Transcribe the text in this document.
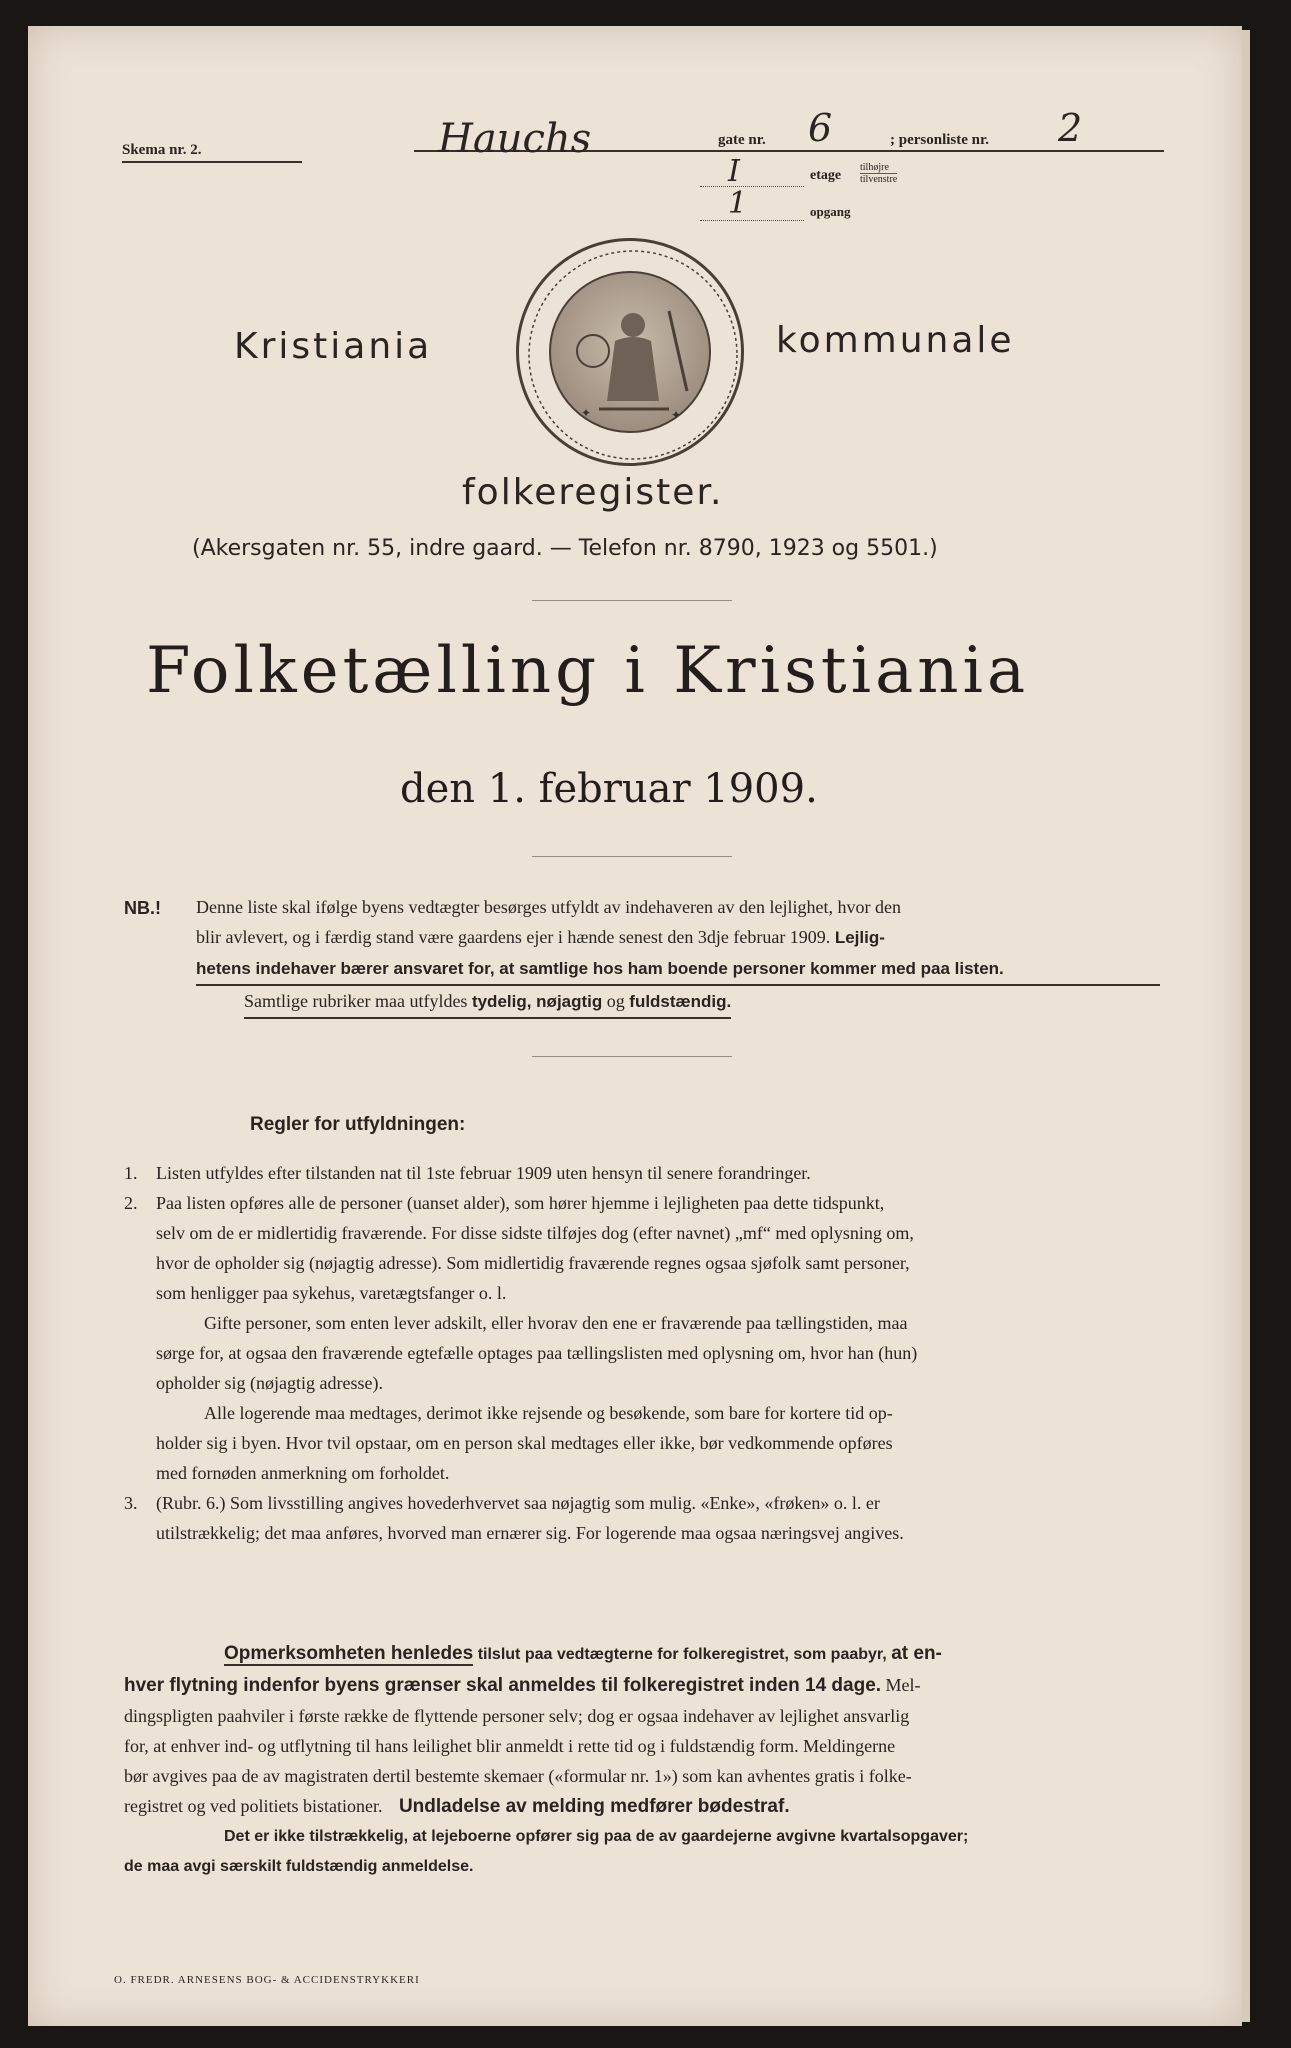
Skema nr. 2.	Hauchs	gate nr. 6	; personliste nr. 2
I	etage
tilhøjre
tilvenstre
1	opgang
Kristiania	kommunale
✦	✦
folkeregister.
(Akersgaten nr. 55, indre gaard. — Telefon nr. 8790, 1923 og 5501.)
Folketælling i Kristiania
den 1. februar 1909.
NB.! Denne liste skal ifølge byens vedtægter besørges utfyldt av indehaveren av den lejlighet, hvor den
blir avlevert, og i færdig stand være gaardens ejer i hænde senest den 3dje februar 1909. Lejlig-
hetens indehaver bærer ansvaret for, at samtlige hos ham boende personer kommer med paa listen.
Samtlige rubriker maa utfyldes tydelig, nøjagtig og fuldstændig.
Regler for utfyldningen:
1. Listen utfyldes efter tilstanden nat til 1ste februar 1909 uten hensyn til senere forandringer.
2. Paa listen opføres alle de personer (uanset alder), som hører hjemme i lejligheten paa dette tidspunkt,
selv om de er midlertidig fraværende. For disse sidste tilføjes dog (efter navnet) „mf“ med oplysning om,
hvor de opholder sig (nøjagtig adresse). Som midlertidig fraværende regnes ogsaa sjøfolk samt personer,
som henligger paa sykehus, varetægtsfanger o. l.
Gifte personer, som enten lever adskilt, eller hvorav den ene er fraværende paa tællingstiden, maa
sørge for, at ogsaa den fraværende egtefælle optages paa tællingslisten med oplysning om, hvor han (hun)
opholder sig (nøjagtig adresse).
Alle logerende maa medtages, derimot ikke rejsende og besøkende, som bare for kortere tid op-
holder sig i byen. Hvor tvil opstaar, om en person skal medtages eller ikke, bør vedkommende opføres
med fornøden anmerkning om forholdet.
3. (Rubr. 6.) Som livsstilling angives hovederhvervet saa nøjagtig som mulig. «Enke», «frøken» o. l. er
utilstrækkelig; det maa anføres, hvorved man ernærer sig. For logerende maa ogsaa næringsvej angives.
Opmerksomheten henledes tilslut paa vedtægterne for folkeregistret, som paabyr, at en-
hver flytning indenfor byens grænser skal anmeldes til folkeregistret inden 14 dage. Mel-
dingspligten paahviler i første række de flyttende personer selv; dog er ogsaa indehaver av lejlighet ansvarlig
for, at enhver ind- og utflytning til hans leilighet blir anmeldt i rette tid og i fuldstændig form. Meldingerne
bør avgives paa de av magistraten dertil bestemte skemaer («formular nr. 1») som kan avhentes gratis i folke-
registret og ved politiets bistationer. Undladelse av melding medfører bødestraf.
Det er ikke tilstrækkelig, at lejeboerne opfører sig paa de av gaardejerne avgivne kvartalsopgaver;
de maa avgi særskilt fuldstændig anmeldelse.
O. FREDR. ARNESENS BOG- & ACCIDENSTRYKKERI
